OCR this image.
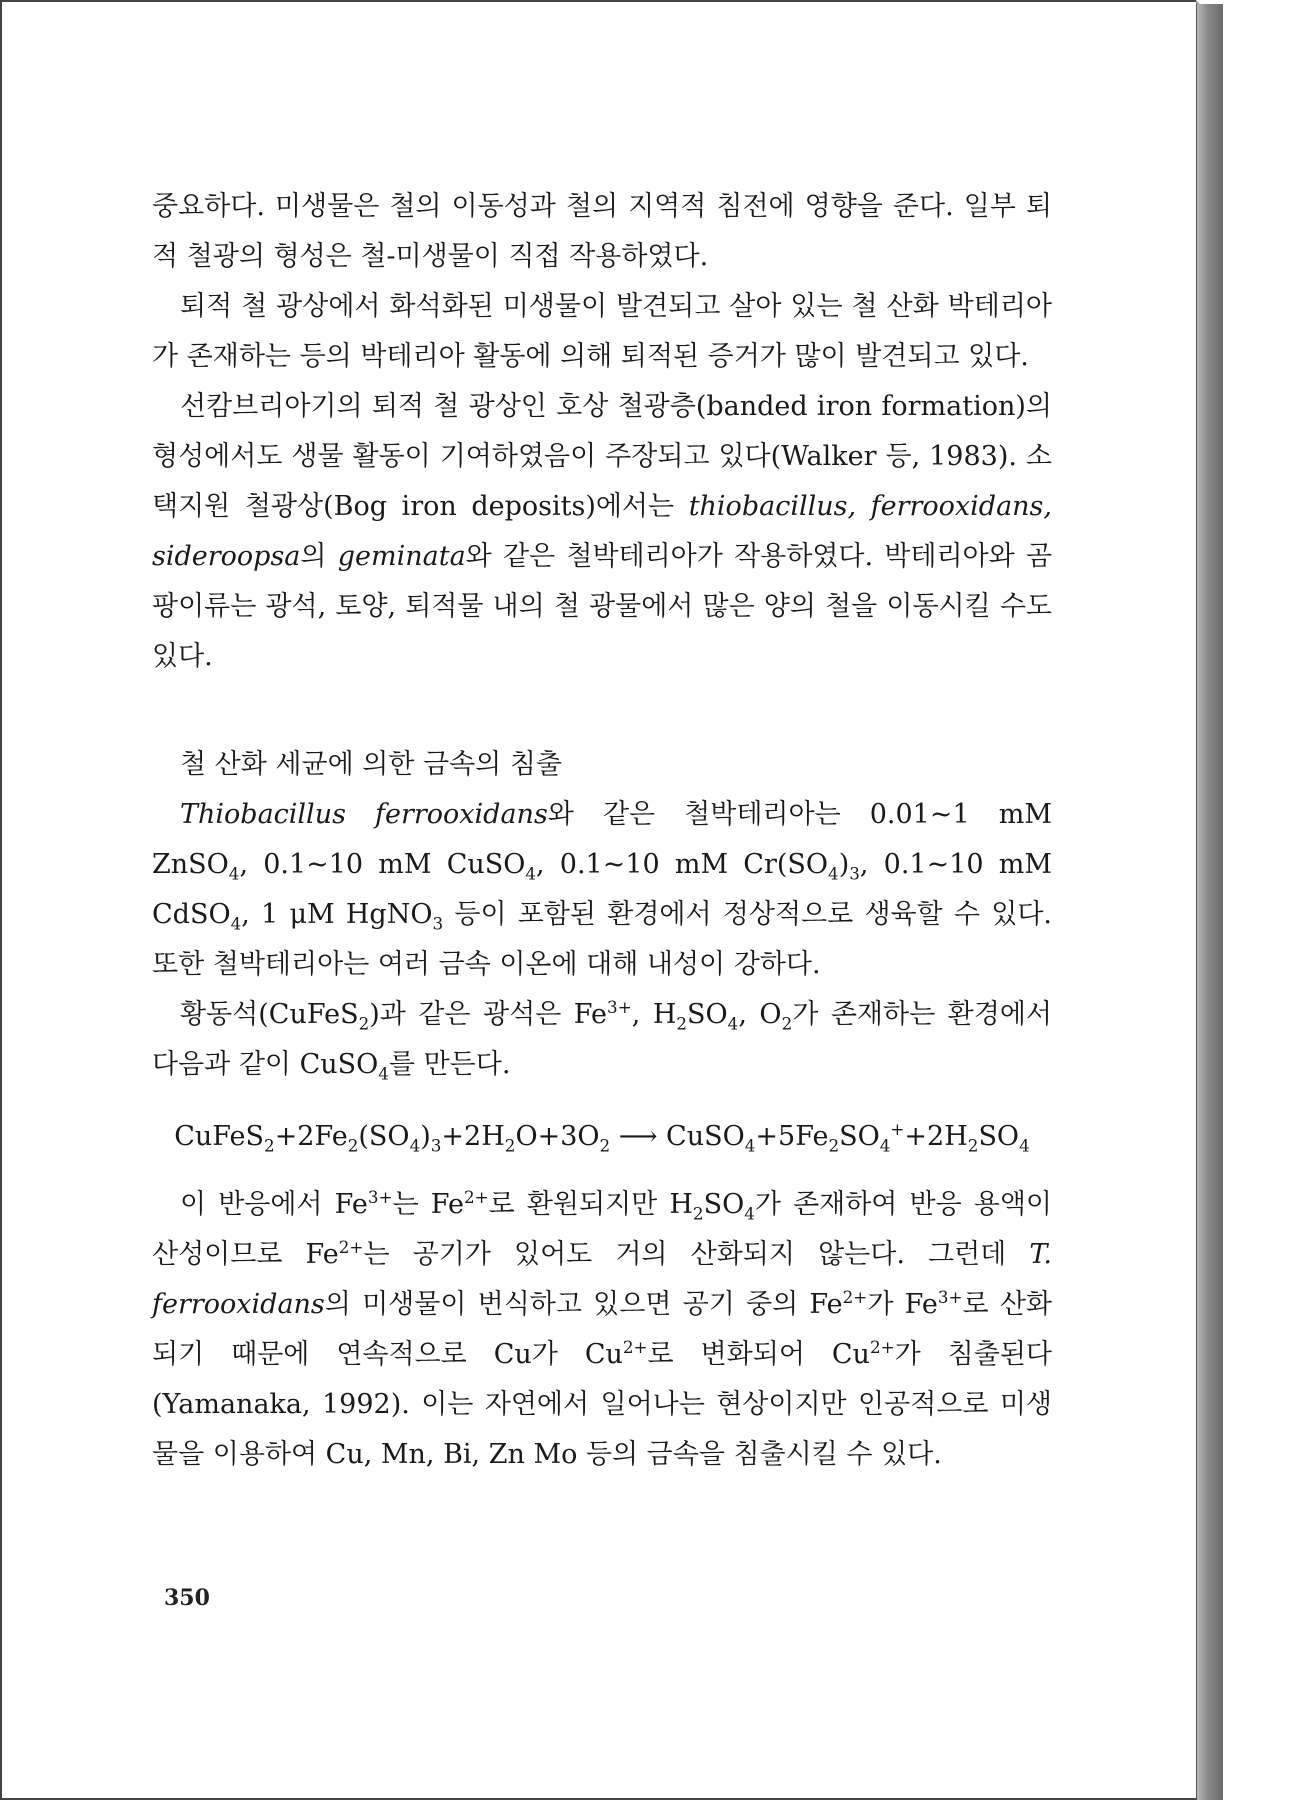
중요하다. 미생물은 철의 이동성과 철의 지역적 침전에 영향을 준다. 일부 퇴적 철광의 형성은 철-미생물이 직접 작용하였다.

퇴적 철 광상에서 화석화된 미생물이 발견되고 살아 있는 철 산화 박테리아가 존재하는 등의 박테리아 활동에 의해 퇴적된 증거가 많이 발견되고 있다.

선캄브리아기의 퇴적 철 광상인 호상 철광층(banded iron formation)의 형성에서도 생물 활동이 기여하였음이 주장되고 있다(Walker 등, 1983). 소택지원 철광상(Bog iron deposits)에서는 thiobacillus, ferrooxidans, sideroopsa의 geminata와 같은 철박테리아가 작용하였다. 박테리아와 곰팡이류는 광석, 토양, 퇴적물 내의 철 광물에서 많은 양의 철을 이동시킬 수도 있다.

철 산화 세균에 의한 금속의 침출

Thiobacillus ferrooxidans와 같은 철박테리아는 0.01~1 mM ZnSO$_4$, 0.1~10 mM CuSO$_4$, 0.1~10 mM $Cr(SO_4)_3$, 0.1~10 mM CdSO$_4$, 1 μM HgNO$_3$ 등이 포함된 환경에서 정상적으로 생육할 수 있다. 또한 철박테리아는 여러 금속 이온에 대해 내성이 강하다.

황동석(CuFeS$_2$)과 같은 광석은 $Fe^{3+}$, $H_2SO_4$, $O_2$가 존재하는 환경에서 다음과 같이 CuSO$_4$를 만든다.

$CuFeS_2+2Fe_2(SO_4)_3+2H_2O+3O_2$ ⟶ $CuSO_4+5Fe_2SO_4^++2H_2SO_4$

이 반응에서 $Fe^{3+}$는 $Fe^{2+}$로 환원되지만 $H_2SO_4$가 존재하여 반응 용액이 산성이므로 $Fe^{2+}$는 공기가 있어도 거의 산화되지 않는다. 그런데 T. ferrooxidans의 미생물이 번식하고 있으면 공기 중의 $Fe^{2+}$가 $Fe^{3+}$로 산화되기 때문에 연속적으로 Cu가 $Cu^{2+}$로 변화되어 $Cu^{2+}$가 침출된다(Yamanaka, 1992). 이는 자연에서 일어나는 현상이지만 인공적으로 미생물을 이용하여 Cu, Mn, Bi, Zn Mo 등의 금속을 침출시킬 수 있다.

350
